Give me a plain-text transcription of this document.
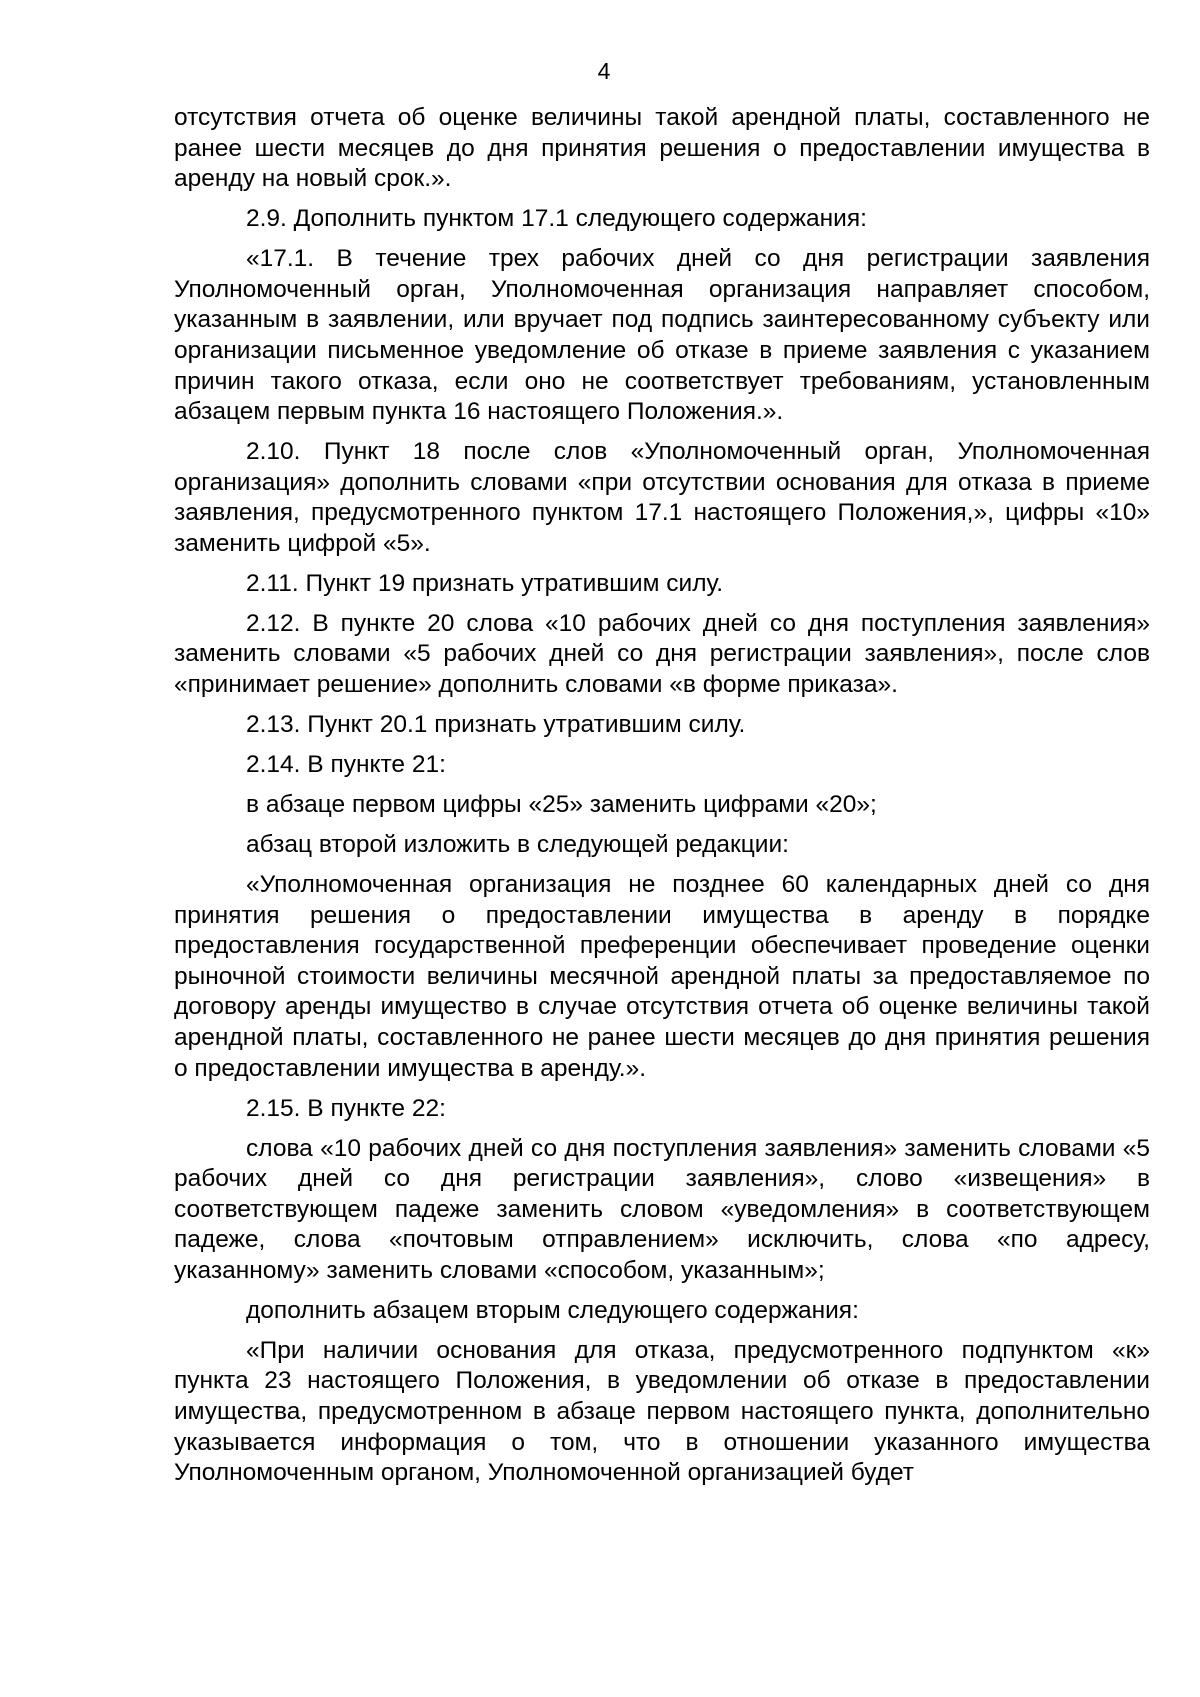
4

отсутствия отчета об оценке величины такой арендной платы, составленного не ранее шести месяцев до дня принятия решения о предоставлении имущества в аренду на новый срок.».

2.9. Дополнить пунктом 17.1 следующего содержания:

«17.1. В течение трех рабочих дней со дня регистрации заявления Уполномоченный орган, Уполномоченная организация направляет способом, указанным в заявлении, или вручает под подпись заинтересованному субъекту или организации письменное уведомление об отказе в приеме заявления с указанием причин такого отказа, если оно не соответствует требованиям, установленным абзацем первым пункта 16 настоящего Положения.».

2.10. Пункт 18 после слов «Уполномоченный орган, Уполномоченная организация» дополнить словами «при отсутствии основания для отказа в приеме заявления, предусмотренного пунктом 17.1 настоящего Положения,», цифры «10» заменить цифрой «5».

2.11. Пункт 19 признать утратившим силу.

2.12. В пункте 20 слова «10 рабочих дней со дня поступления заявления» заменить словами «5 рабочих дней со дня регистрации заявления», после слов «принимает решение» дополнить словами «в форме приказа».

2.13. Пункт 20.1 признать утратившим силу.

2.14. В пункте 21:

в абзаце первом цифры «25» заменить цифрами «20»;

абзац второй изложить в следующей редакции:

«Уполномоченная организация не позднее 60 календарных дней со дня принятия решения о предоставлении имущества в аренду в порядке предоставления государственной преференции обеспечивает проведение оценки рыночной стоимости величины месячной арендной платы за предоставляемое по договору аренды имущество в случае отсутствия отчета об оценке величины такой арендной платы, составленного не ранее шести месяцев до дня принятия решения о предоставлении имущества в аренду.».

2.15. В пункте 22:

слова «10 рабочих дней со дня поступления заявления» заменить словами «5 рабочих дней со дня регистрации заявления», слово «извещения» в соответствующем падеже заменить словом «уведомления» в соответствующем падеже, слова «почтовым отправлением» исключить, слова «по адресу, указанному» заменить словами «способом, указанным»;

дополнить абзацем вторым следующего содержания:

«При наличии основания для отказа, предусмотренного подпунктом «к» пункта 23 настоящего Положения, в уведомлении об отказе в предоставлении имущества, предусмотренном в абзаце первом настоящего пункта, дополнительно указывается информация о том, что в отношении указанного имущества Уполномоченным органом, Уполномоченной организацией будет
